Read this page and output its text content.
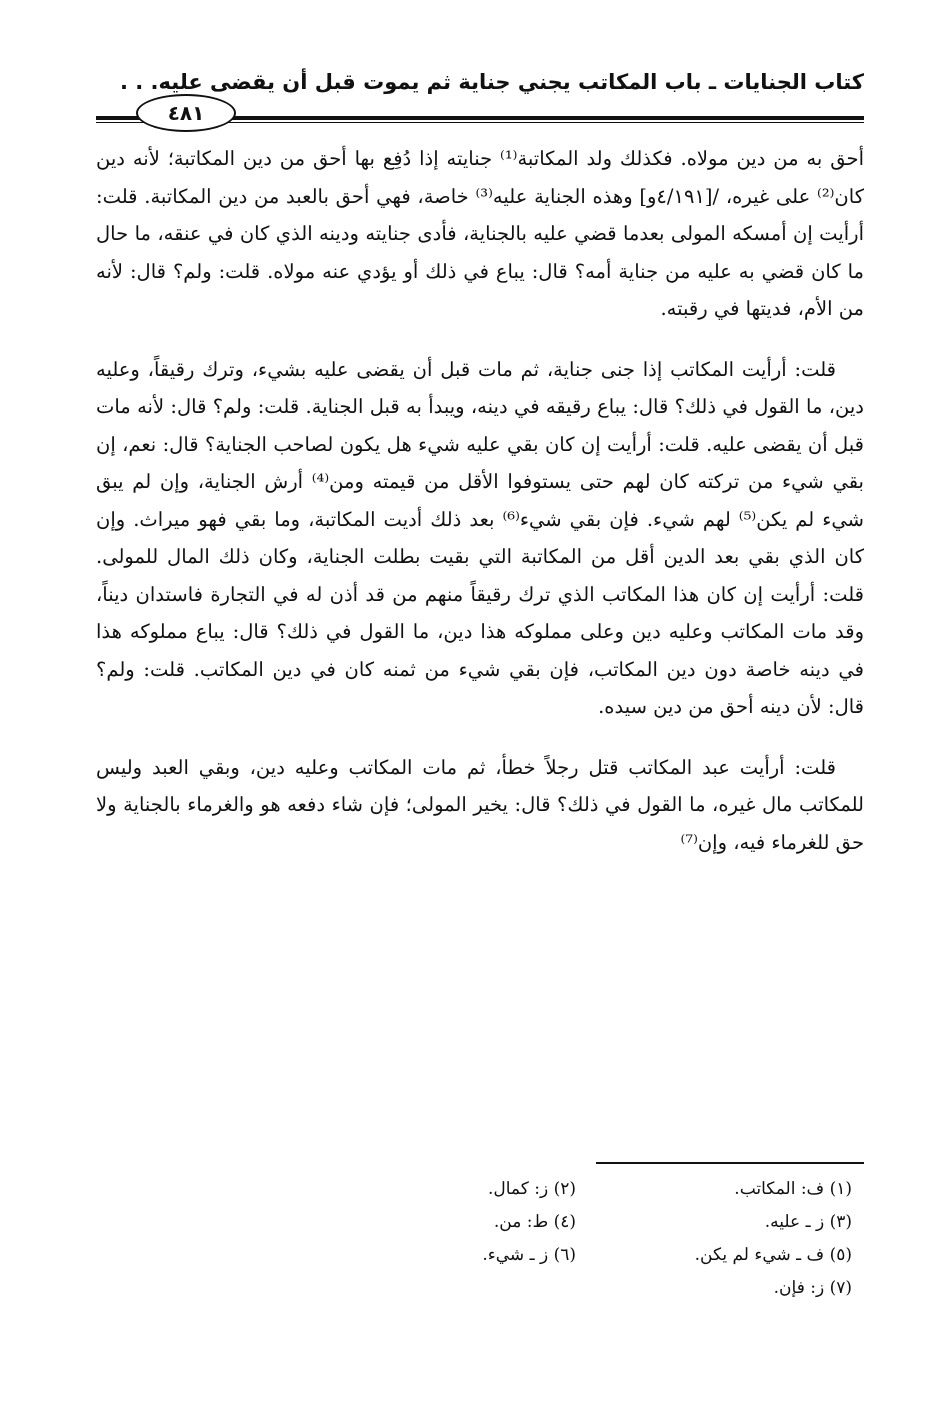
كتاب الجنايات ـ باب المكاتب يجني جناية ثم يموت قبل أن يقضى عليه. . .
٤٨١

أحق به من دين مولاه. فكذلك ولد المكاتبة⁽¹⁾ جنايته إذا دُفِع بها أحق من دين المكاتبة؛ لأنه دين كان⁽²⁾ على غيره، /[٤/١٩١و] وهذه الجناية عليه⁽³⁾ خاصة، فهي أحق بالعبد من دين المكاتبة. قلت: أرأيت إن أمسكه المولى بعدما قضي عليه بالجناية، فأدى جنايته ودينه الذي كان في عنقه، ما حال ما كان قضي به عليه من جناية أمه؟ قال: يباع في ذلك أو يؤدي عنه مولاه. قلت: ولم؟ قال: لأنه من الأم، فديتها في رقبته.

قلت: أرأيت المكاتب إذا جنى جناية، ثم مات قبل أن يقضى عليه بشيء، وترك رقيقاً، وعليه دين، ما القول في ذلك؟ قال: يباع رقيقه في دينه، ويبدأ به قبل الجناية. قلت: ولم؟ قال: لأنه مات قبل أن يقضى عليه. قلت: أرأيت إن كان بقي عليه شيء هل يكون لصاحب الجناية؟ قال: نعم، إن بقي شيء من تركته كان لهم حتى يستوفوا الأقل من قيمته ومن⁽⁴⁾ أرش الجناية، وإن لم يبق شيء لم يكن⁽⁵⁾ لهم شيء. فإن بقي شيء⁽⁶⁾ بعد ذلك أديت المكاتبة، وما بقي فهو ميراث. وإن كان الذي بقي بعد الدين أقل من المكاتبة التي بقيت بطلت الجناية، وكان ذلك المال للمولى. قلت: أرأيت إن كان هذا المكاتب الذي ترك رقيقاً منهم من قد أذن له في التجارة فاستدان ديناً، وقد مات المكاتب وعليه دين وعلى مملوكه هذا دين، ما القول في ذلك؟ قال: يباع مملوكه هذا في دينه خاصة دون دين المكاتب، فإن بقي شيء من ثمنه كان في دين المكاتب. قلت: ولم؟ قال: لأن دينه أحق من دين سيده.

قلت: أرأيت عبد المكاتب قتل رجلاً خطأ، ثم مات المكاتب وعليه دين، وبقي العبد وليس للمكاتب مال غيره، ما القول في ذلك؟ قال: يخير المولى؛ فإن شاء دفعه هو والغرماء بالجناية ولا حق للغرماء فيه، وإن⁽⁷⁾

(١) ف: المكاتب.
(٢) ز: كمال.
(٣) ز ـ عليه.
(٤) ط: من.
(٥) ف ـ شيء لم يكن.
(٦) ز ـ شيء.
(٧) ز: فإن.
